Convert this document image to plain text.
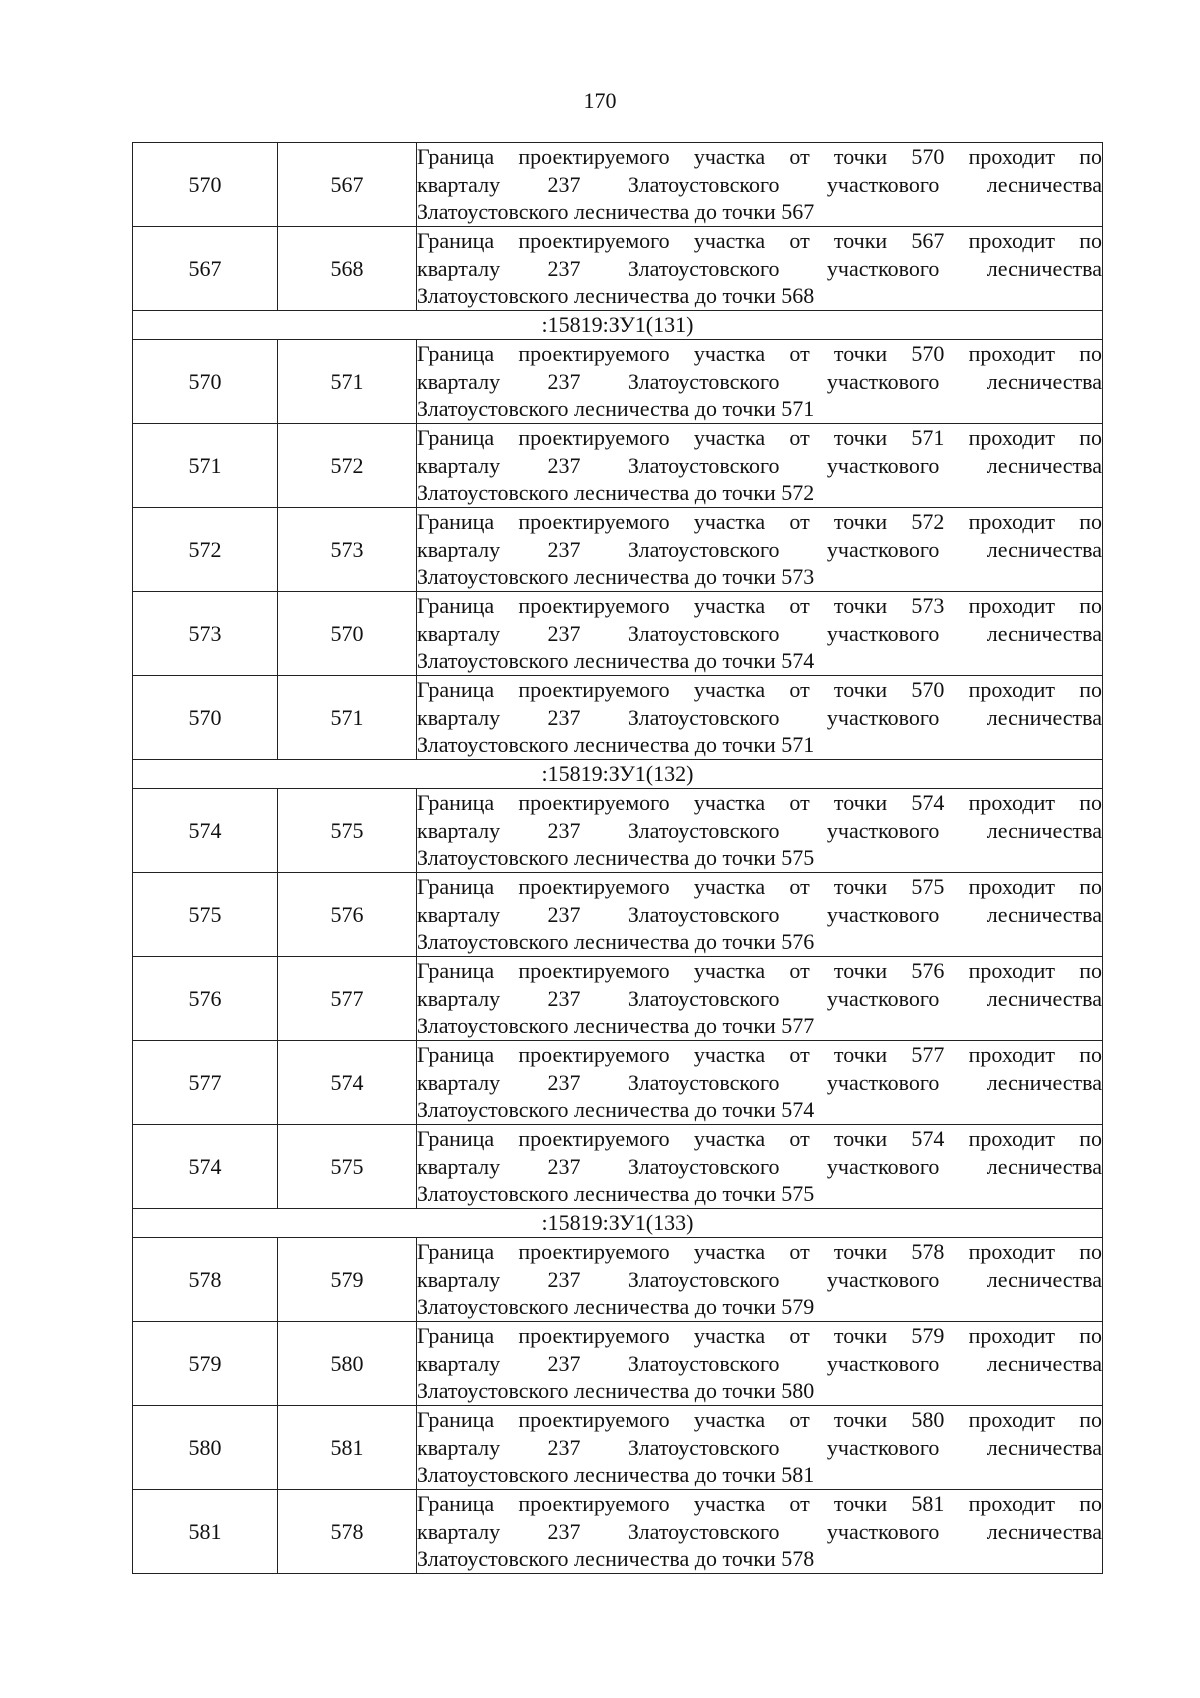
170
570	567	Граница проектируемого участка от точки 570 проходит по
кварталу 237 Златоустовского участкового лесничества
Златоустовского лесничества до точки 567

567	568	Граница проектируемого участка от точки 567 проходит по
кварталу 237 Златоустовского участкового лесничества
Златоустовского лесничества до точки 568

:15819:ЗУ1(131)		
570	571	Граница проектируемого участка от точки 570 проходит по
кварталу 237 Златоустовского участкового лесничества
Златоустовского лесничества до точки 571

571	572	Граница проектируемого участка от точки 571 проходит по
кварталу 237 Златоустовского участкового лесничества
Златоустовского лесничества до точки 572

572	573	Граница проектируемого участка от точки 572 проходит по
кварталу 237 Златоустовского участкового лесничества
Златоустовского лесничества до точки 573

573	570	Граница проектируемого участка от точки 573 проходит по
кварталу 237 Златоустовского участкового лесничества
Златоустовского лесничества до точки 574

570	571	Граница проектируемого участка от точки 570 проходит по
кварталу 237 Златоустовского участкового лесничества
Златоустовского лесничества до точки 571

:15819:ЗУ1(132)		
574	575	Граница проектируемого участка от точки 574 проходит по
кварталу 237 Златоустовского участкового лесничества
Златоустовского лесничества до точки 575

575	576	Граница проектируемого участка от точки 575 проходит по
кварталу 237 Златоустовского участкового лесничества
Златоустовского лесничества до точки 576

576	577	Граница проектируемого участка от точки 576 проходит по
кварталу 237 Златоустовского участкового лесничества
Златоустовского лесничества до точки 577

577	574	Граница проектируемого участка от точки 577 проходит по
кварталу 237 Златоустовского участкового лесничества
Златоустовского лесничества до точки 574

574	575	Граница проектируемого участка от точки 574 проходит по
кварталу 237 Златоустовского участкового лесничества
Златоустовского лесничества до точки 575

:15819:ЗУ1(133)		
578	579	Граница проектируемого участка от точки 578 проходит по
кварталу 237 Златоустовского участкового лесничества
Златоустовского лесничества до точки 579

579	580	Граница проектируемого участка от точки 579 проходит по
кварталу 237 Златоустовского участкового лесничества
Златоустовского лесничества до точки 580

580	581	Граница проектируемого участка от точки 580 проходит по
кварталу 237 Златоустовского участкового лесничества
Златоустовского лесничества до точки 581

581	578	Граница проектируемого участка от точки 581 проходит по
кварталу 237 Златоустовского участкового лесничества
Златоустовского лесничества до точки 578
